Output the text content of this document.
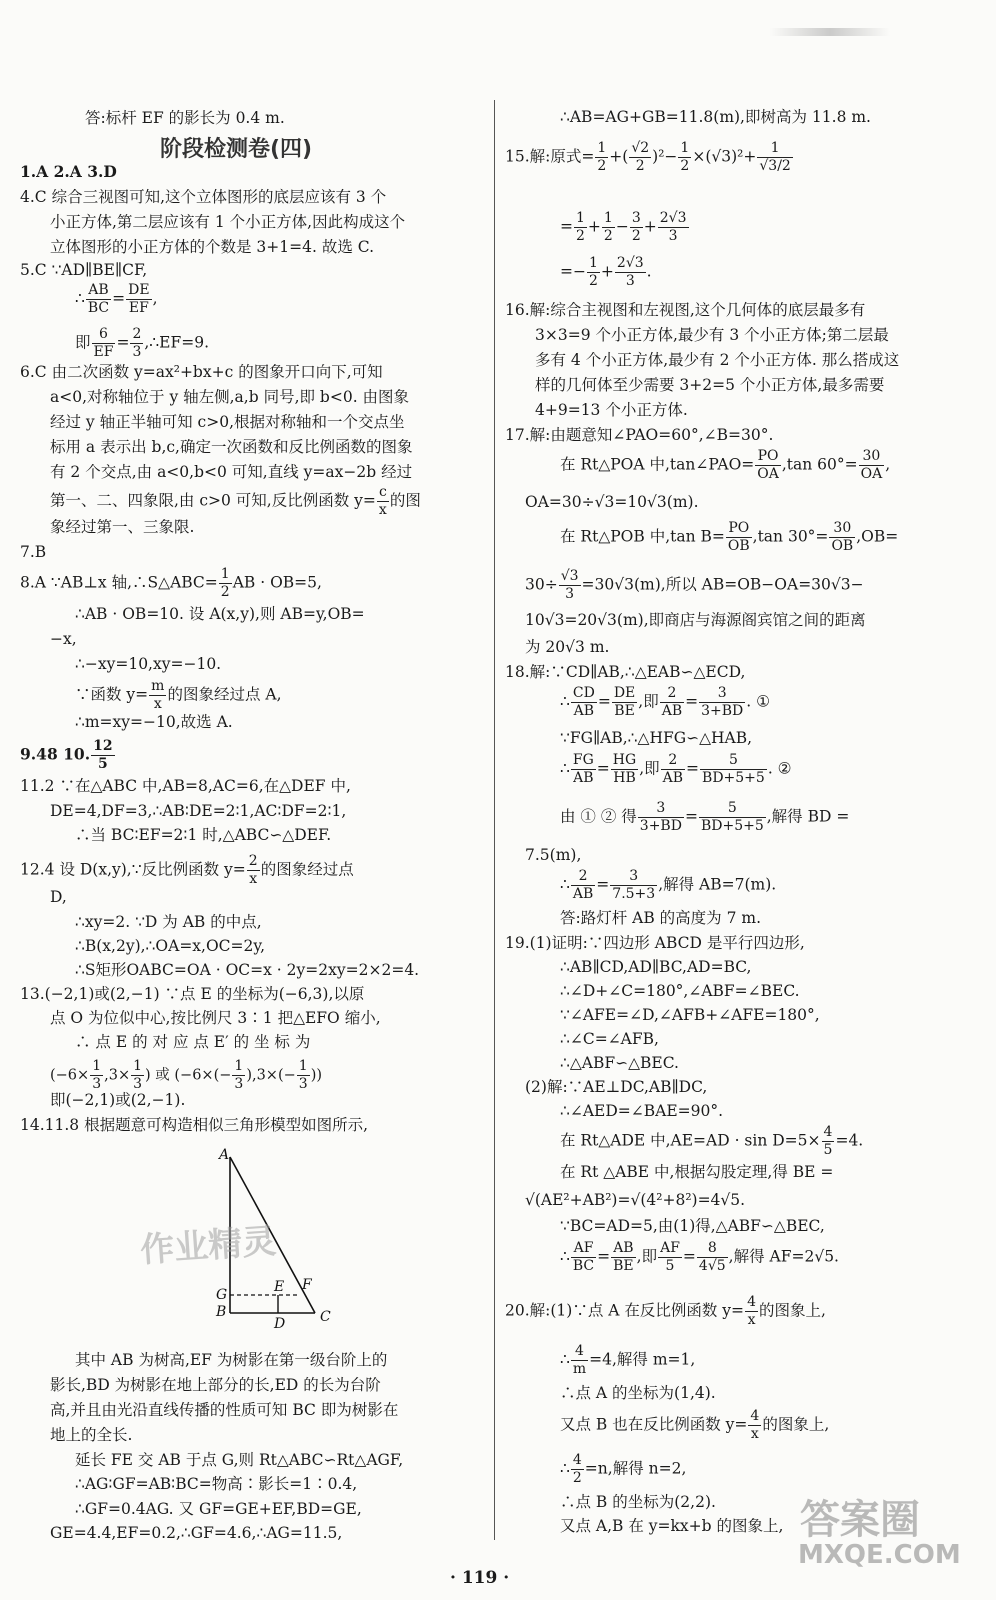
答:标杆 EF 的影长为 0.4 m.
阶段检测卷(四)
1.A 2.A 3.D
4.C 综合三视图可知,这个立体图形的底层应该有 3 个
小正方体,第二层应该有 1 个小正方体,因此构成这个
立体图形的小正方体的个数是 3+1=4. 故选 C.
5.C ∵AD∥BE∥CF,
∴ $\frac{AB}{BC} = \frac{DE}{EF}$ ,
即 $\frac{6}{EF} = \frac{2}{3}$ ,∴EF=9.
6.C 由二次函数 y=ax²+bx+c 的图象开口向下,可知
a<0,对称轴位于 y 轴左侧,a,b 同号,即 b<0. 由图象
经过 y 轴正半轴可知 c>0,根据对称轴和一个交点坐
标用 a 表示出 b,c,确定一次函数和反比例函数的图象
有 2 个交点,由 a<0,b<0 可知,直线 y=ax−2b 经过
第一、二、四象限,由 c>0 可知,反比例函数 $y= \frac{c}{x}$ 的图
象经过第一、三象限.
7.B
8.A ∵AB⊥x 轴,∴S△ABC= $\frac{1}{2}$ AB · OB=5,
∴AB · OB=10. 设 A(x,y),则 AB=y,OB=
−x,
∴−xy=10,xy=−10.
∵函数 $y= \frac{m}{x}$ 的图象经过点 A,
∴m=xy=−10,故选 A.
9.48 10. $\frac{12}{5}$
11.2 ∵在△ABC 中,AB=8,AC=6,在△DEF 中,
DE=4,DF=3,∴AB∶DE=2∶1,AC∶DF=2∶1,
∴当 BC∶EF=2∶1 时,△ABC∽△DEF.
12.4 设 D(x,y),∵反比例函数 $y= \frac{2}{x}$ 的图象经过点
D,
∴xy=2. ∵D 为 AB 的中点,
∴B(x,2y),∴OA=x,OC=2y,
∴S矩形OABC=OA · OC=x · 2y=2xy=2×2=4.
13.(−2,1)或(2,−1) ∵点 E 的坐标为(−6,3),以原
点 O 为位似中心,按比例尺 3∶1 把△EFO 缩小,
∴ 点 E 的 对 应 点 E′ 的 坐 标 为
($-6\times \frac{1}{3} ,3\times \frac{1}{3}$ ) 或 ($-6\times(- \frac{1}{3} ),3\times(- \frac{1}{3}$ ))
即(−2,1)或(2,−1).
14.11.8 根据题意可构造相似三角形模型如图所示,
A
G
B
E F
D C
其中 AB 为树高,EF 为树影在第一级台阶上的
影长,BD 为树影在地上部分的长,ED 的长为台阶
高,并且由光沿直线传播的性质可知 BC 即为树影在
地上的全长.
延长 FE 交 AB 于点 G,则 Rt△ABC∽Rt△AGF,
∴AG∶GF=AB∶BC=物高∶影长=1∶0.4,
∴GF=0.4AG. 又 GF=GE+EF,BD=GE,
GE=4.4,EF=0.2,∴GF=4.6,∴AG=11.5,
∴AB=AG+GB=11.8(m),即树高为 11.8 m.
15.解:原式= $\frac{1}{2}$ +( $\frac{√2}{2} )^2- \frac{1}{2} \times(√3)^2+ \frac{1}{√3/2}$
= $\frac{1}{2} + \frac{1}{2} - \frac{3}{2} + \frac{2√3}{3}$
=− $\frac{1}{2} + \frac{2√3}{3}$ .
16.解:综合主视图和左视图,这个几何体的底层最多有
3×3=9 个小正方体,最少有 3 个小正方体;第二层最
多有 4 个小正方体,最少有 2 个小正方体. 那么搭成这
样的几何体至少需要 3+2=5 个小正方体,最多需要
4+9=13 个小正方体.
17.解:由题意知∠PAO=60°,∠B=30°.
在 Rt△POA 中,tan∠PAO= $\frac{PO}{OA} ,\tan$ $60^\circ= \frac{30}{OA}$ ,
OA=30÷√3=10√3(m).
在 Rt△POB 中,tan $B= \frac{PO}{OB} ,\tan$ $30^\circ= \frac{30}{OB} ,OB=$
$30\div \frac{√3}{3} =30√3(m)$,所以 AB=OB−OA=30√3−
10√3=20√3(m),即商店与海源阁宾馆之间的距离
为 20√3 m.
18.解:∵CD∥AB,∴△EAB∽△ECD,
∴ $\frac{CD}{AB} = \frac{DE}{BE}$ ,即 $\frac{2}{AB} = \frac{3}{3+BD}$ . ①
∵FG∥AB,∴△HFG∽△HAB,
∴ $\frac{FG}{AB} = \frac{HG}{HB}$ ,即 $\frac{2}{AB} = \frac{5}{BD+5+5}$ . ②
由 ① ② 得 $\frac{3}{3+BD} = \frac{5}{BD+5+5}$ ,解得 BD =
7.5(m),
∴ $\frac{2}{AB} = \frac{3}{7.5+3}$ ,解得 AB=7(m).
答:路灯杆 AB 的高度为 7 m.
19.(1)证明:∵四边形 ABCD 是平行四边形,
∴AB∥CD,AD∥BC,AD=BC,
∴∠D+∠C=180°,∠ABF=∠BEC.
∵∠AFE=∠D,∠AFB+∠AFE=180°,
∴∠C=∠AFB,
∴△ABF∽△BEC.
(2)解:∵AE⊥DC,AB∥DC,
∴∠AED=∠BAE=90°.
在 Rt△ADE 中$,AE=AD \cdot \sin D=5\times \frac{4}{5} =4$.
在 Rt △ABE 中,根据勾股定理,得 BE =
√(AE²+AB²)=√(4²+8²)=4√5.
∵BC=AD=5,由(1)得,△ABF∽△BEC,
∴ $\frac{AF}{BC} = \frac{AB}{BE}$ ,即 $\frac{AF}{5} = \frac{8}{4√5}$ ,解得 AF=2√5.
20.解:(1)∵点 A 在反比例函数 $y= \frac{4}{x}$ 的图象上,
∴ $\frac{4}{m} =4$,解得 m=1,
∴点 A 的坐标为(1,4).
又点 B 也在反比例函数 $y= \frac{4}{x}$ 的图象上,
∴ $\frac{4}{2} =n$,解得 n=2,
∴点 B 的坐标为(2,2).
又点 A,B 在 y=kx+b 的图象上,
作业精灵
答案圈
MXQE.COM
· 119 ·
